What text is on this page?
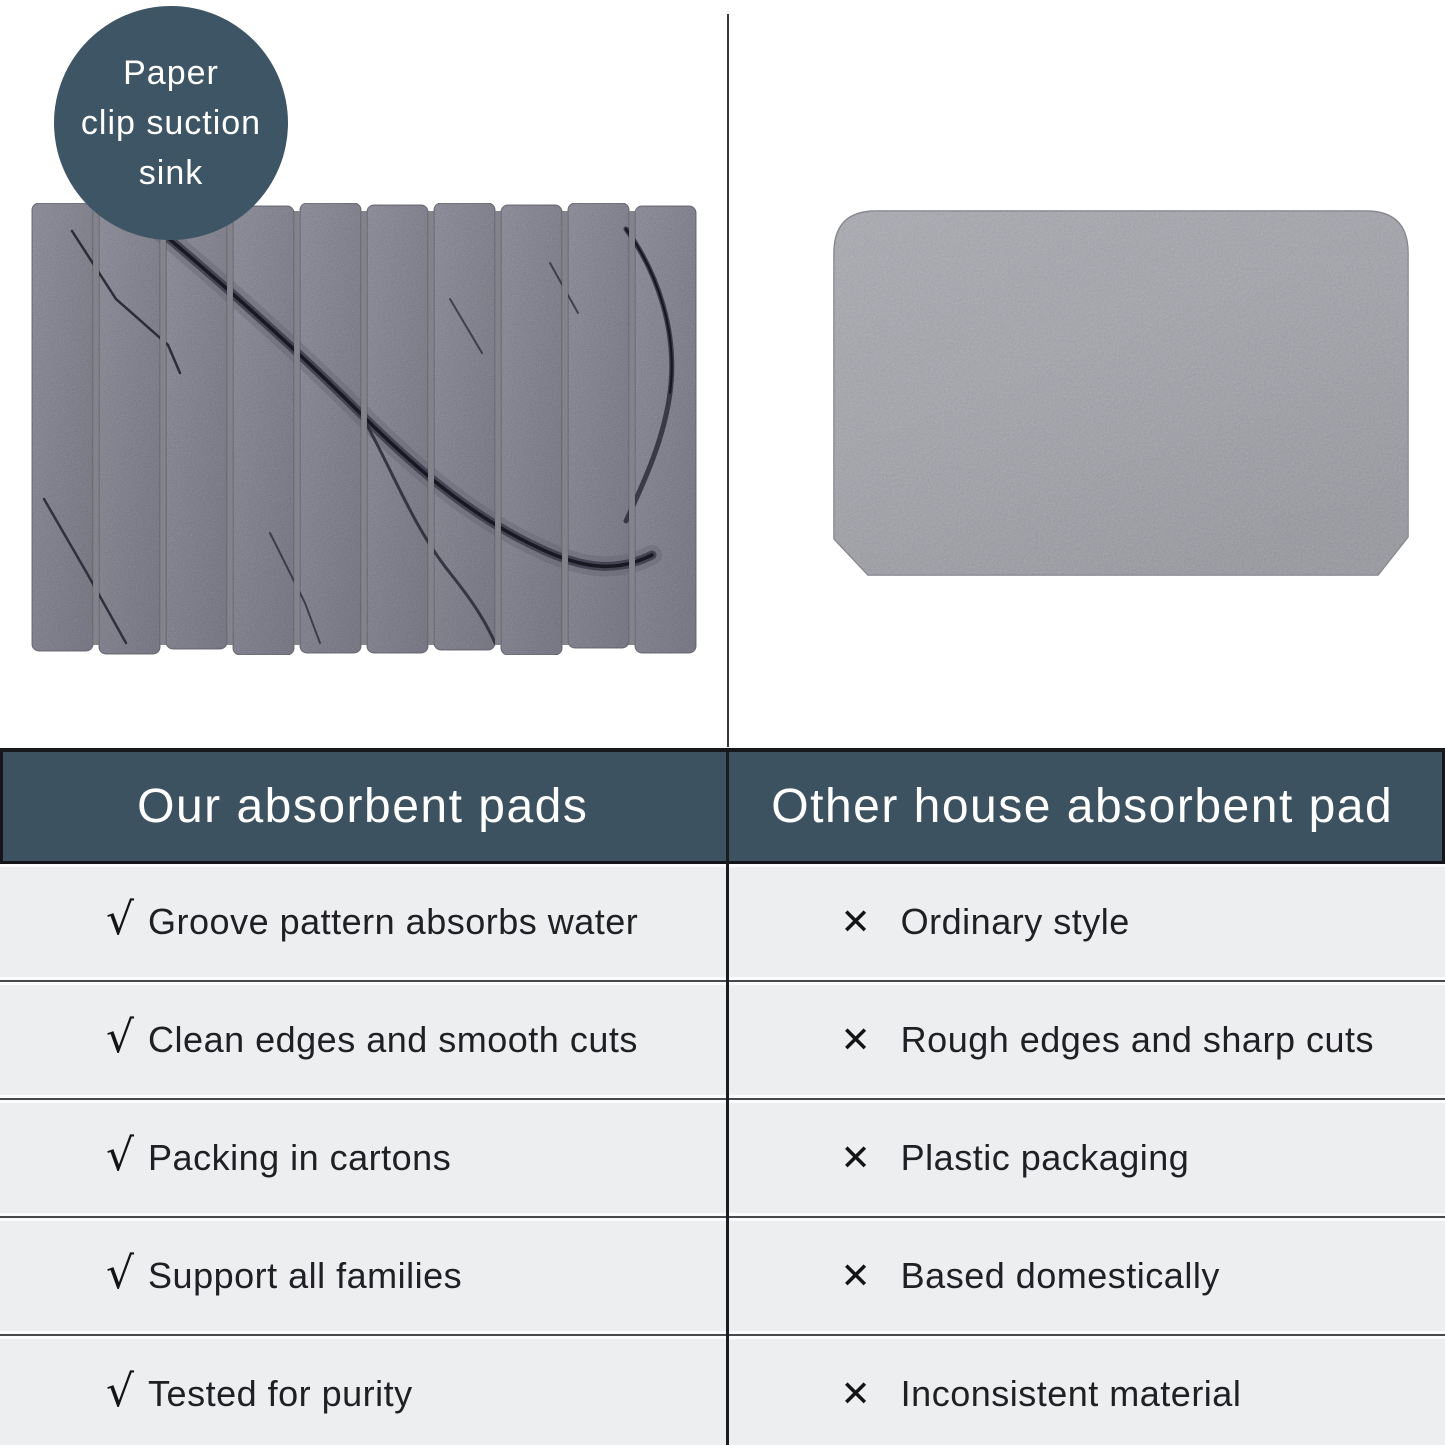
Paper
clip suction
sink
Our absorbent pads	Other house absorbent pad
√ Groove pattern absorbs water	✕ Ordinary style
√ Clean edges and smooth cuts	✕ Rough edges and sharp cuts
√ Packing in cartons	✕ Plastic packaging
√ Support all families	✕ Based domestically
√ Tested for purity	✕ Inconsistent material
